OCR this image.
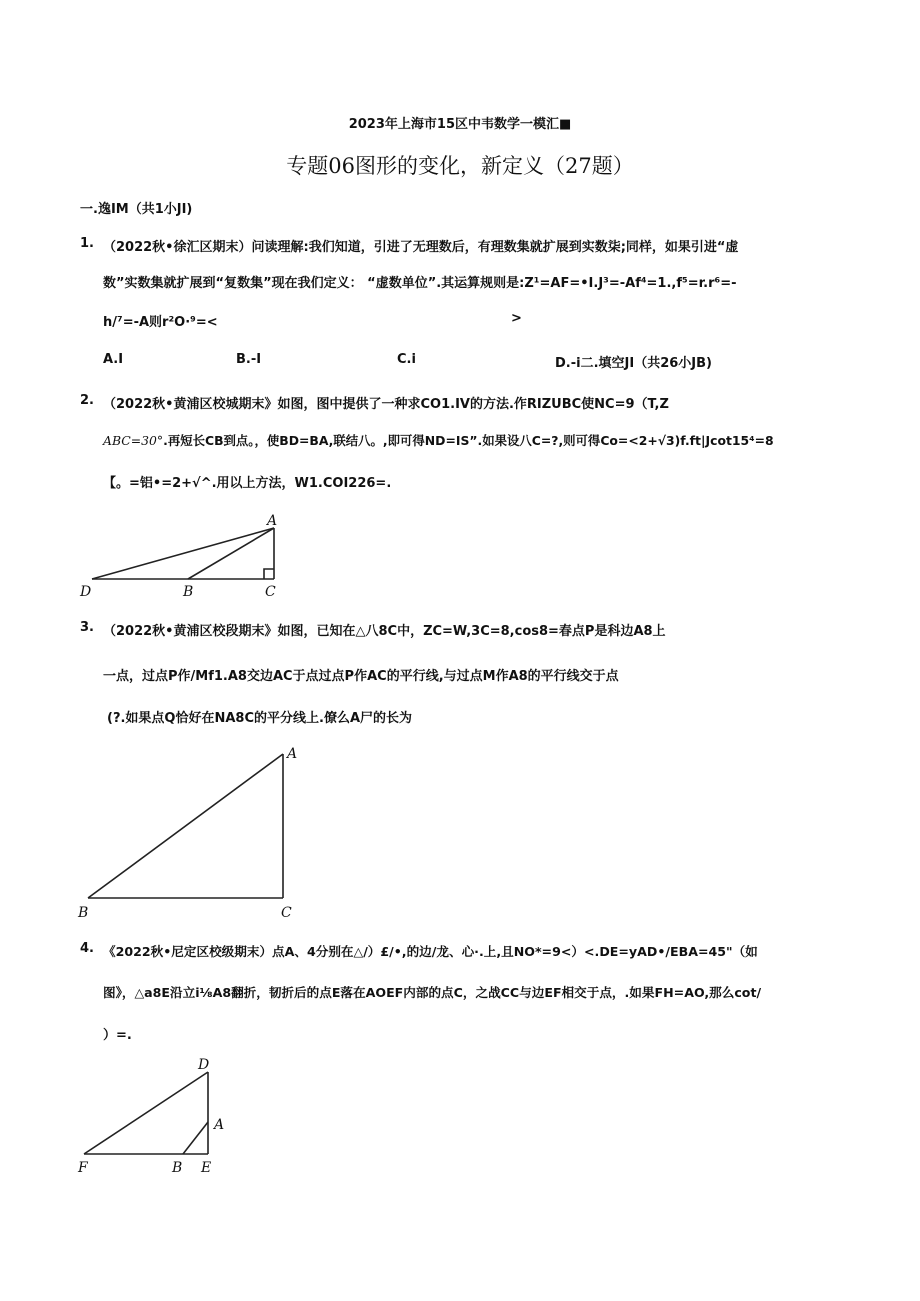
2023年上海市15区中韦数学一模汇■
专题06图形的变化，新定义（27题）
一.逸IM（共1小JI)
1. （2022秋•徐汇区期末）问读理解:我们知道，引进了无理数后，有理数集就扩展到实数柒;同样，如果引进“虚
数”实数集就扩展到“复数集”现在我们定义： “虚数单位”.其运算规则是:Z¹=AF=•I.J³=-Af⁴=1.,f⁵=r.r⁶=-
h/⁷=-A则r²O·⁹=<	>
A.I	B.-I	C.i	D.-i二.填空JI（共26小JB)
2. （2022秋•黄浦区校城期末》如图，图中提供了一种求CO1.IV的方法.作RIZUBC使NC=9（T,Z
ABC=30°.再短长CB到点。，使BD=BA,联结八。,即可得ND=IS”.如果设八C=?,则可得Co=<2+√3)f.ft|Jcot15⁴=8
【。=铝•=2+√^.用以上方法，W1.COI226=.
A
B	C
D
3. （2022秋•黄浦区校段期末》如图，已知在△八8C中，ZC=W,3C=8,cos8=春点P是科边A8上
一点，过点P作/Mf1.A8交边AC于点过点P作AC的平行线,与过点M作A8的平行线交于点
(?.如果点Q恰好在NA8C的平分线上.僚么A尸的长为
A
B	C
4. 《2022秋•尼定区校级期末）点A、4分别在△/）£/•,的边/龙、心·.上,且NO*=9<）<.DE=yAD•/EBA=45"（如
图》，△a8E沿立i⅛A8翻折，韧折后的点E落在AOEF内部的点C，之战CC与边EF相交于点，.如果FH=AO,那么cot/
）=.
D
A
F	B E
